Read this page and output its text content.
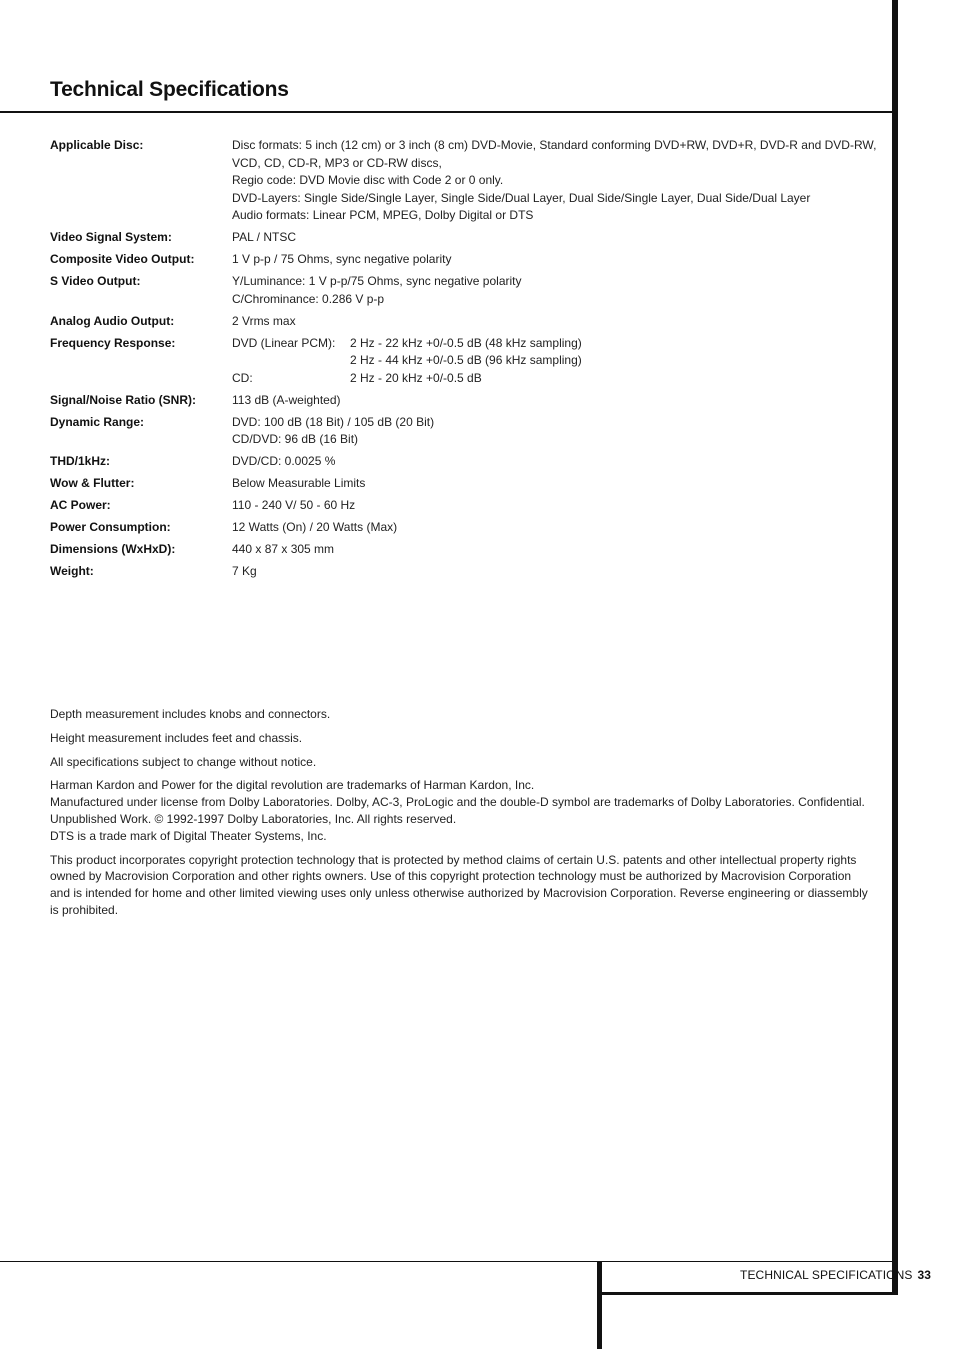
Technical Specifications
Applicable Disc:	Disc formats: 5 inch (12 cm) or 3 inch (8 cm) DVD-Movie, Standard conforming DVD+RW, DVD+R, DVD-R and DVD-RW,
VCD, CD, CD-R, MP3 or CD-RW discs,
Regio code: DVD Movie disc with Code 2 or 0 only.
DVD-Layers: Single Side/Single Layer, Single Side/Dual Layer, Dual Side/Single Layer, Dual Side/Dual Layer
Audio formats: Linear PCM, MPEG, Dolby Digital or DTS
Video Signal System:	PAL / NTSC
Composite Video Output:	1 V p-p / 75 Ohms, sync negative polarity
S Video Output:	Y/Luminance: 1 V p-p/75 Ohms, sync negative polarity
C/Chrominance: 0.286 V p-p
Analog Audio Output:	2 Vrms max
Frequency Response:	DVD (Linear PCM):	2 Hz - 22 kHz +0/-0.5 dB (48 kHz sampling)
2 Hz - 44 kHz +0/-0.5 dB (96 kHz sampling)
CD:	2 Hz - 20 kHz +0/-0.5 dB
Signal/Noise Ratio (SNR):	113 dB (A-weighted)
Dynamic Range:	DVD: 100 dB (18 Bit) / 105 dB (20 Bit)
CD/DVD: 96 dB (16 Bit)
THD/1kHz:	DVD/CD: 0.0025 %
Wow & Flutter:	Below Measurable Limits
AC Power:	110 - 240 V/ 50 - 60 Hz
Power Consumption:	12 Watts (On) / 20 Watts (Max)
Dimensions (WxHxD):	440 x 87 x 305 mm
Weight:	7 Kg

Depth measurement includes knobs and connectors.

Height measurement includes feet and chassis.

All specifications subject to change without notice.

Harman Kardon and Power for the digital revolution are trademarks of Harman Kardon, Inc.
Manufactured under license from Dolby Laboratories. Dolby, AC-3, ProLogic and the double-D symbol are trademarks of Dolby Laboratories. Confidential. Unpublished Work. © 1992-1997 Dolby Laboratories, Inc. All rights reserved.
DTS is a trade mark of Digital Theater Systems, Inc.

This product incorporates copyright protection technology that is protected by method claims of certain U.S. patents and other intellectual property rights owned by Macrovision Corporation and other rights owners. Use of this copyright protection technology must be authorized by Macrovision Corporation and is intended for home and other limited viewing uses only unless otherwise authorized by Macrovision Corporation. Reverse engineering or diassembly is prohibited.

TECHNICAL SPECIFICATIONS 33
